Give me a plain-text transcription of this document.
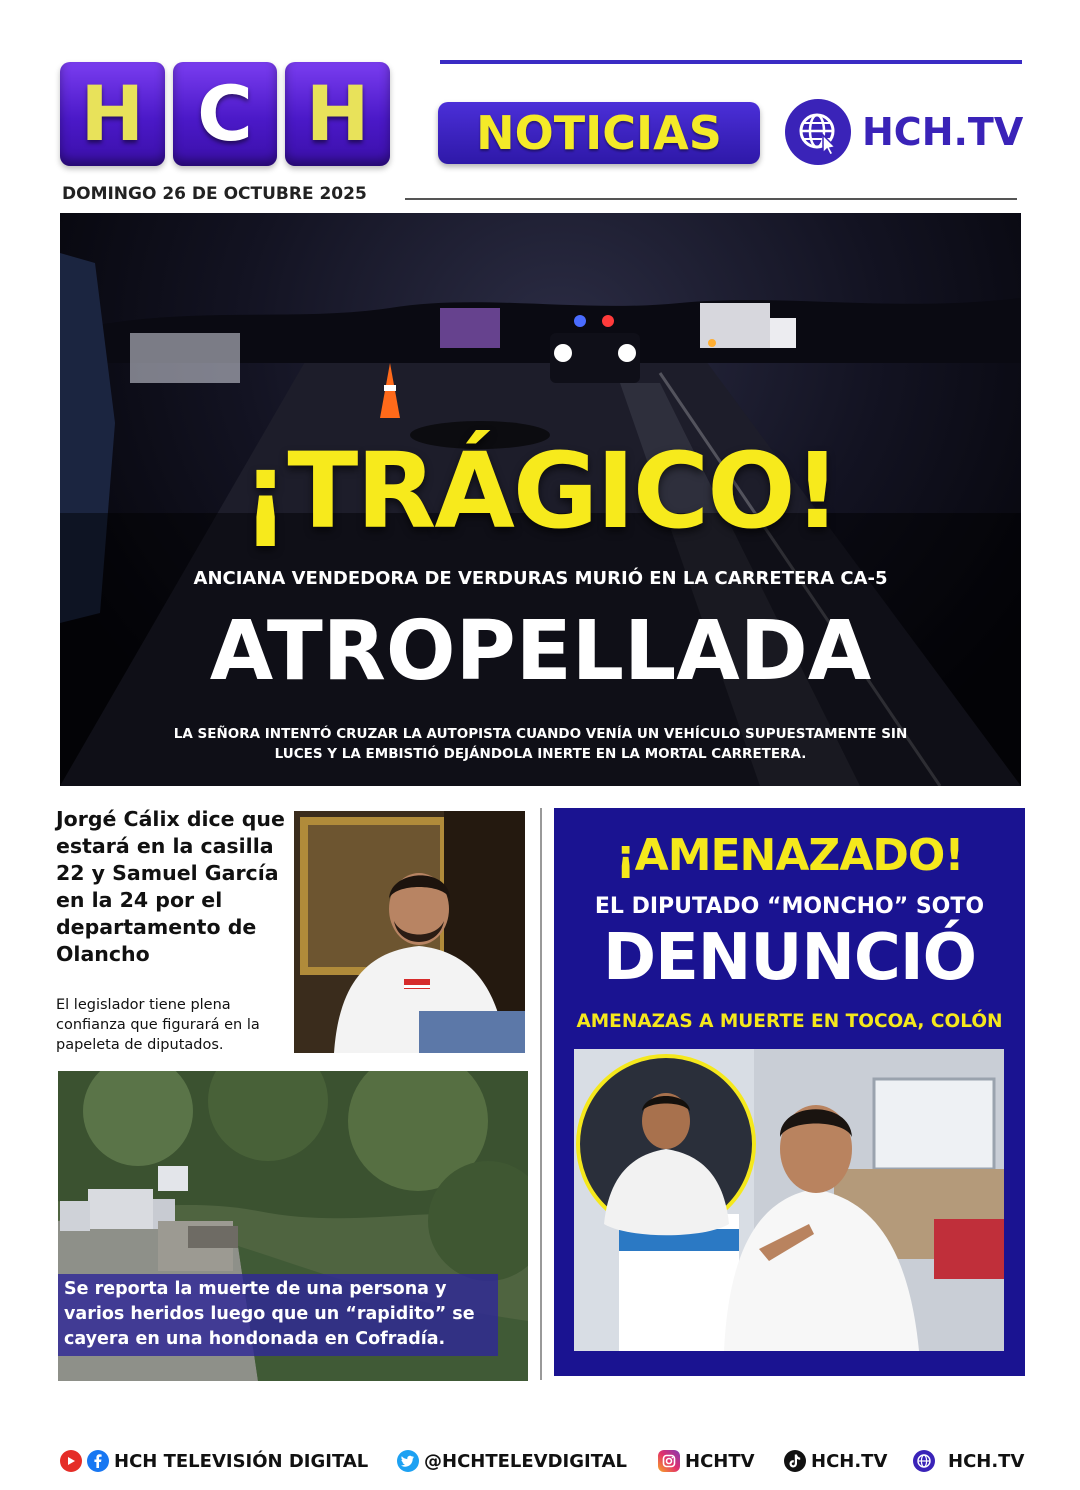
H C H NOTICIAS	HCH.TV
DOMINGO 26 DE OCTUBRE 2025
¡TRÁGICO!
ANCIANA VENDEDORA DE VERDURAS MURIÓ EN LA CARRETERA CA-5
ATROPELLADA
LA SEÑORA INTENTÓ CRUZAR LA AUTOPISTA CUANDO VENÍA UN VEHÍCULO SUPUESTAMENTE SIN LUCES Y LA EMBISTIÓ DEJÁNDOLA INERTE EN LA MORTAL CARRETERA.
Jorgé Cálix dice que estará en la casilla 22 y Samuel García en la 24 por el departamento de Olancho
El legislador tiene plena confianza que figurará en la papeleta de diputados.
Se reporta la muerte de una persona y varios heridos luego que un “rapidito” se cayera en una hondonada en Cofradía.
¡AMENAZADO!
EL DIPUTADO “MONCHO” SOTO
DENUNCIÓ
AMENAZAS A MUERTE EN TOCOA, COLÓN
HCH TELEVISIÓN DIGITAL	@HCHTELEVDIGITAL	HCHTV	HCH.TV	HCH.TV
